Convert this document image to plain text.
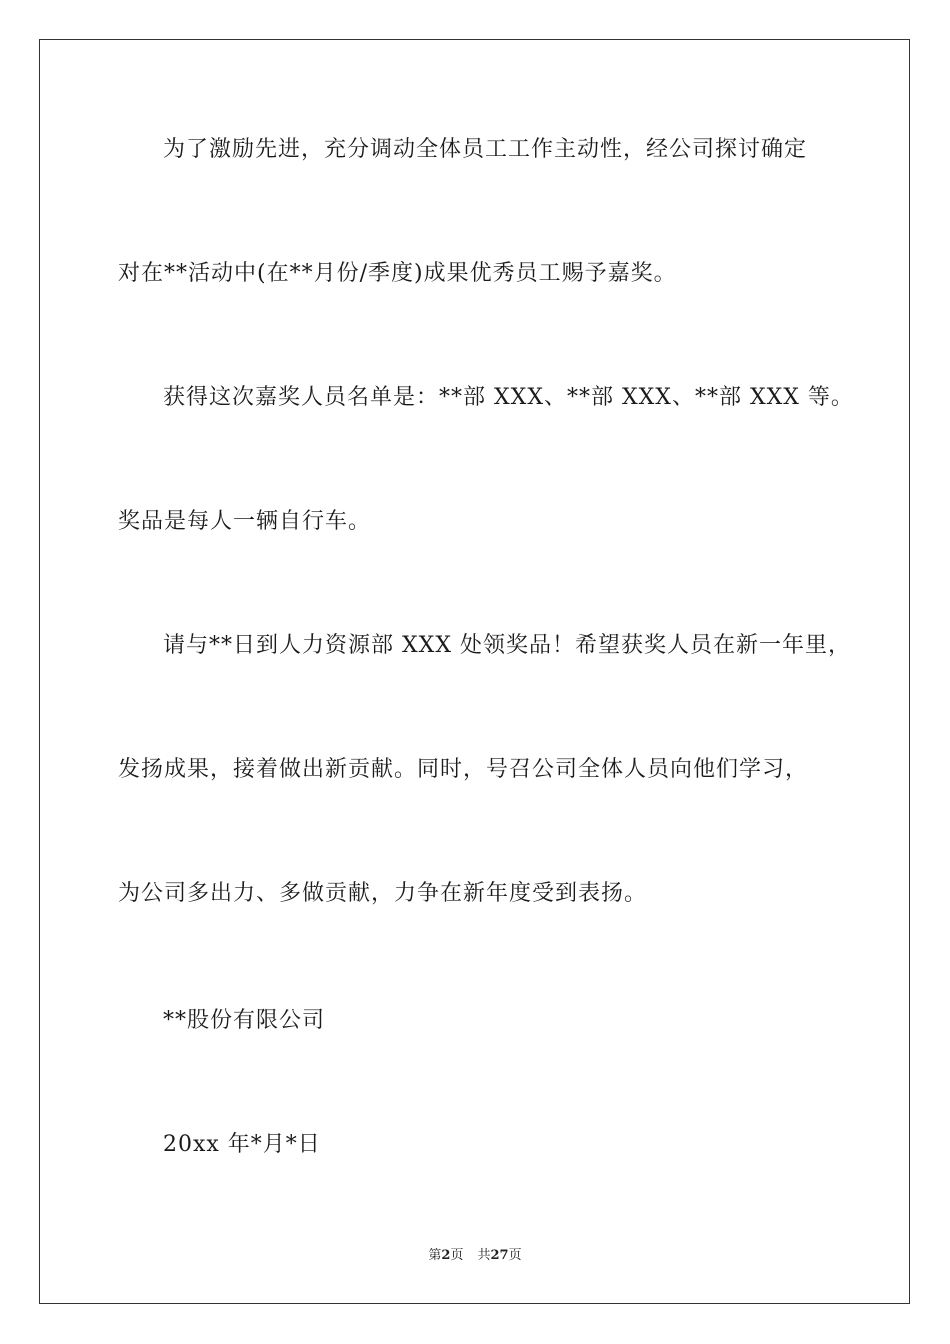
为了激励先进，充分调动全体员工工作主动性，经公司探讨确定
对在**活动中(在**月份/季度)成果优秀员工赐予嘉奖。
获得这次嘉奖人员名单是：**部 XXX、**部 XXX、**部 XXX 等。
奖品是每人一辆自行车。
请与**日到人力资源部 XXX 处领奖品！希望获奖人员在新一年里，
发扬成果，接着做出新贡献。同时，号召公司全体人员向他们学习，
为公司多出力、多做贡献，力争在新年度受到表扬。
**股份有限公司
20xx 年*月*日
第2页 共27页
